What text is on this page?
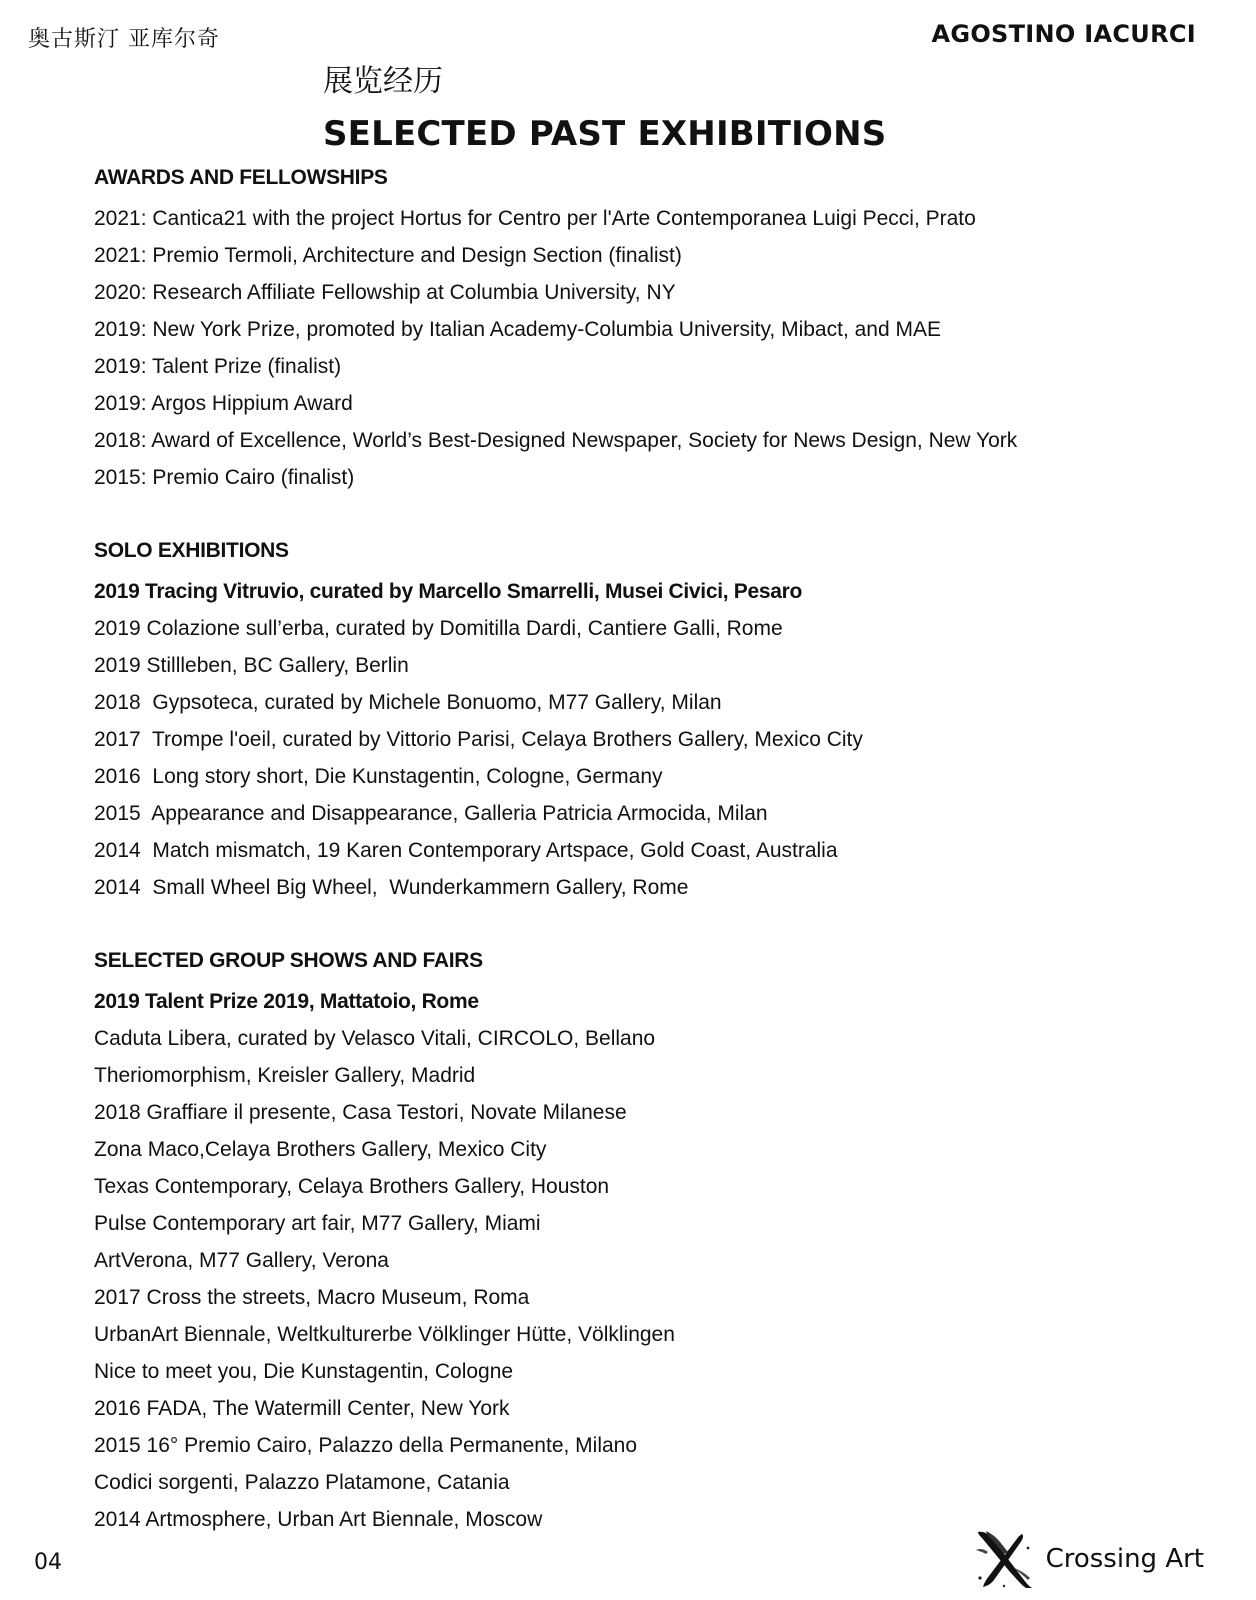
奥古斯汀 亚库尔奇	AGOSTINO IACURCI
展览经历
SELECTED PAST EXHIBITIONS
AWARDS AND FELLOWSHIPS
2021: Cantica21 with the project Hortus for Centro per l'Arte Contemporanea Luigi Pecci, Prato
2021: Premio Termoli, Architecture and Design Section (finalist)
2020: Research Affiliate Fellowship at Columbia University, NY
2019: New York Prize, promoted by Italian Academy-Columbia University, Mibact, and MAE
2019: Talent Prize (finalist)
2019: Argos Hippium Award
2018: Award of Excellence, World’s Best-Designed Newspaper, Society for News Design, New York
2015: Premio Cairo (finalist)
SOLO EXHIBITIONS
2019 Tracing Vitruvio, curated by Marcello Smarrelli, Musei Civici, Pesaro
2019 Colazione sull’erba, curated by Domitilla Dardi, Cantiere Galli, Rome
2019 Stillleben, BC Gallery, Berlin
2018  Gypsoteca, curated by Michele Bonuomo, M77 Gallery, Milan
2017  Trompe l'oeil, curated by Vittorio Parisi, Celaya Brothers Gallery, Mexico City
2016  Long story short, Die Kunstagentin, Cologne, Germany
2015  Appearance and Disappearance, Galleria Patricia Armocida, Milan
2014  Match mismatch, 19 Karen Contemporary Artspace, Gold Coast, Australia
2014  Small Wheel Big Wheel,  Wunderkammern Gallery, Rome
SELECTED GROUP SHOWS AND FAIRS
2019 Talent Prize 2019, Mattatoio, Rome
Caduta Libera, curated by Velasco Vitali, CIRCOLO, Bellano
Theriomorphism, Kreisler Gallery, Madrid
2018 Graffiare il presente, Casa Testori, Novate Milanese
Zona Maco,Celaya Brothers Gallery, Mexico City
Texas Contemporary, Celaya Brothers Gallery, Houston
Pulse Contemporary art fair, M77 Gallery, Miami
ArtVerona, M77 Gallery, Verona
2017 Cross the streets, Macro Museum, Roma
UrbanArt Biennale, Weltkulturerbe Völklinger Hütte, Völklingen
Nice to meet you, Die Kunstagentin, Cologne
2016 FADA, The Watermill Center, New York
2015 16° Premio Cairo, Palazzo della Permanente, Milano
Codici sorgenti, Palazzo Platamone, Catania
2014 Artmosphere, Urban Art Biennale, Moscow
04	Crossing Art
